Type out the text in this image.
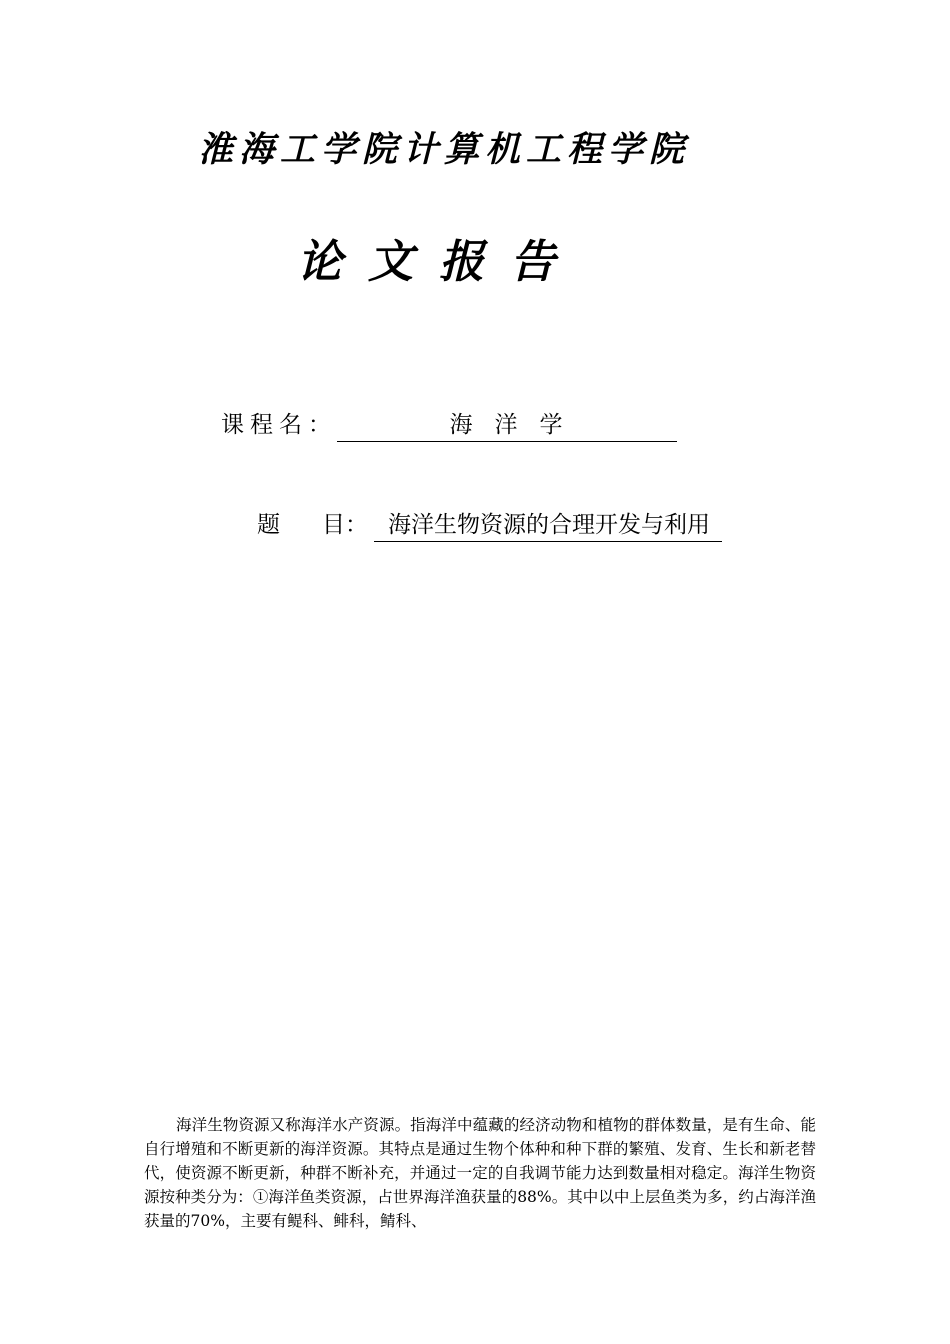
淮海工学院计算机工程学院
论文报告
课程名：	海洋学
题 目： 海洋生物资源的合理开发与利用

海洋生物资源又称海洋水产资源。指海洋中蕴藏的经济动物和植物的群体数量，是有生命、能自行增殖和不断更新的海洋资源。其特点是通过生物个体种和种下群的繁殖、发育、生长和新老替代，使资源不断更新，种群不断补充，并通过一定的自我调节能力达到数量相对稳定。海洋生物资源按种类分为：①海洋鱼类资源，占世界海洋渔获量的88%。其中以中上层鱼类为多，约占海洋渔获量的70%，主要有鳀科、鲱科，鲭科、
